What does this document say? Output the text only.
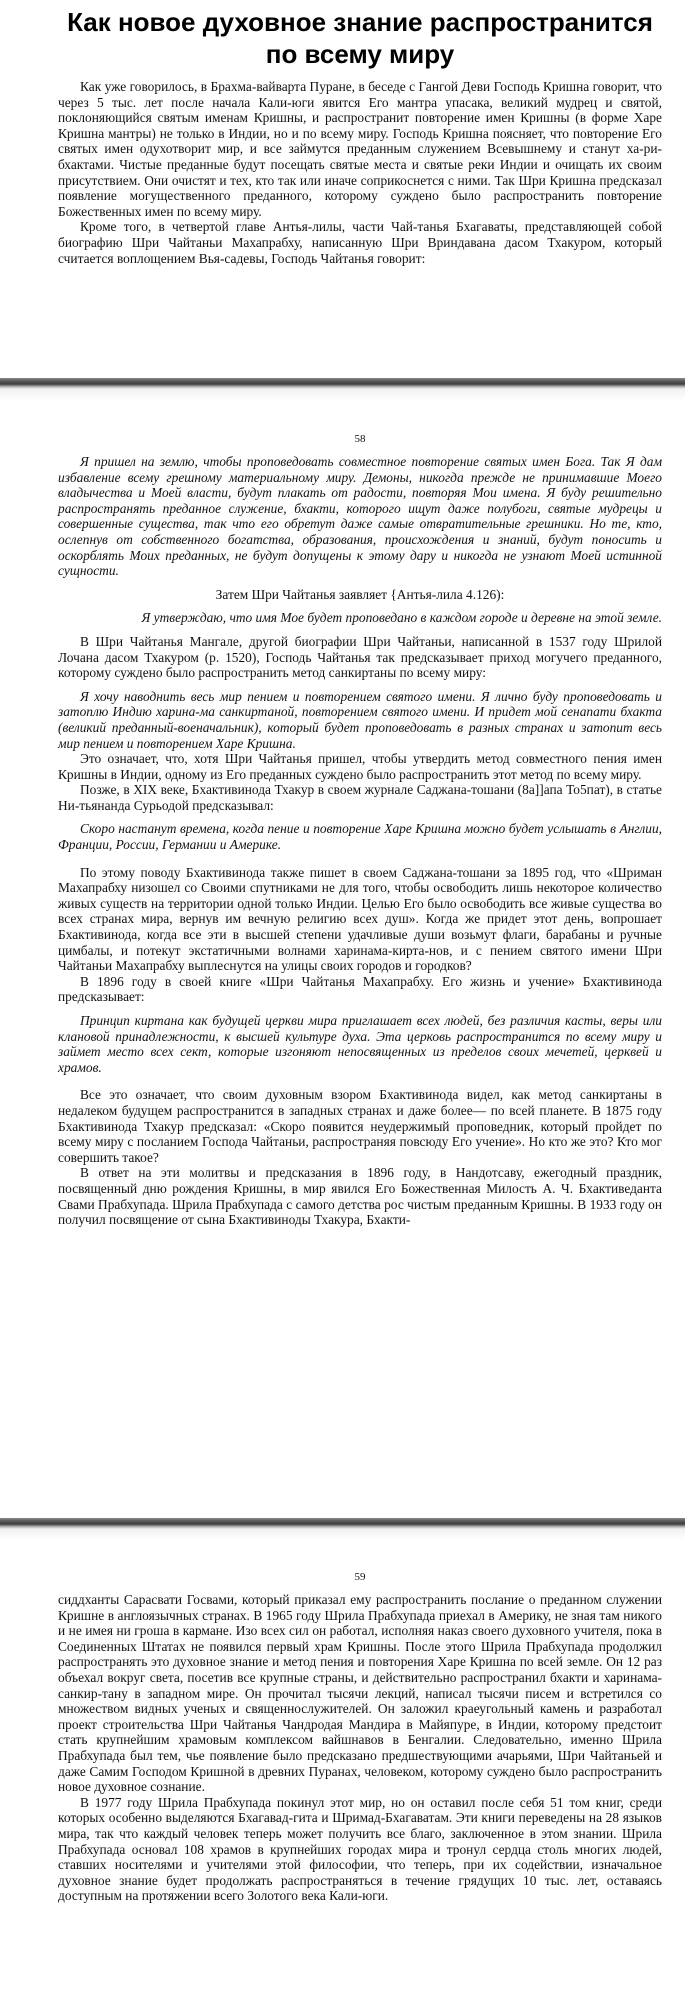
Как новое духовное знание распространится по всему миру

Как уже говорилось, в Брахма-вайварта Пуране, в беседе с Гангой Деви Господь Кришна говорит, что через 5 тыс. лет после начала Кали-юги явится Его мантра упасака, великий мудрец и святой, поклоняющийся святым именам Кришны, и распространит повторение имен Кришны (в форме Харе Кришна мантры) не только в Индии, но и по всему миру. Господь Кришна поясняет, что повторение Его святых имен одухотворит мир, и все займутся преданным служением Всевышнему и станут ха-ри-бхактами. Чистые преданные будут посещать святые места и святые реки Индии и очищать их своим присутствием. Они очистят и тех, кто так или иначе соприкоснется с ними. Так Шри Кришна предсказал появление могущественного преданного, которому суждено было распространить повторение Божественных имен по всему миру.

Кроме того, в четвертой главе Антья-лилы, части Чай-танья Бхагаваты, представляющей собой биографию Шри Чайтаньи Махапрабху, написанную Шри Вриндавана дасом Тхакуром, который считается воплощением Вья-садевы, Господь Чайтанья говорит:

58

Я пришел на землю, чтобы проповедовать совместное повторение святых имен Бога. Так Я дам избавление всему грешному материальному миру. Демоны, никогда прежде не принимавшие Моего владычества и Моей власти, будут плакать от радости, повторяя Мои имена. Я буду решительно распространять преданное служение, бхакти, которого ищут даже полубоги, святые мудрецы и совершенные существа, так что его обретут даже самые отвратительные грешники. Но те, кто, ослепнув от собственного богатства, образования, происхождения и знаний, будут поносить и оскорблять Моих преданных, не будут допущены к этому дару и никогда не узнают Моей истинной сущности.

Затем Шри Чайтанья заявляет {Антья-лила 4.126):

Я утверждаю, что имя Мое будет проповедано в каждом городе и деревне на этой земле.

В Шри Чайтанья Мангале, другой биографии Шри Чайтаньи, написанной в 1537 году Шрилой Лочана дасом Тхакуром (р. 1520), Господь Чайтанья так предсказывает приход могучего преданного, которому суждено было распространить метод санкиртаны по всему миру:

Я хочу наводнить весь мир пением и повторением святого имени. Я лично буду проповедовать и затоплю Индию харина-ма санкиртаной, повторением святого имени. И придет мой сенапати бхакта (великий преданный-военачальник), который будет проповедовать в разных странах и затопит весь мир пением и повторением Харе Кришна.

Это означает, что, хотя Шри Чайтанья пришел, чтобы утвердить метод совместного пения имен Кришны в Индии, одному из Его преданных суждено было распространить этот метод по всему миру.

Позже, в XIX веке, Бхактивинода Тхакур в своем журнале Саджана-тошани (8а]]апа То5пат), в статье Ни-тьянанда Сурьодой предсказывал:

Скоро настанут времена, когда пение и повторение Харе Кришна можно будет услышать в Англии, Франции, России, Германии и Америке.

По этому поводу Бхактивинода также пишет в своем Саджана-тошани за 1895 год, что «Шриман Махапрабху низошел со Своими спутниками не для того, чтобы освободить лишь некоторое количество живых существ на территории одной только Индии. Целью Его было освободить все живые существа во всех странах мира, вернув им вечную религию всех душ». Когда же придет этот день, вопрошает Бхактивинода, когда все эти в высшей степени удачливые души возьмут флаги, барабаны и ручные цимбалы, и потекут экстатичными волнами харинама-кирта-нов, и с пением святого имени Шри Чайтаньи Махапрабху выплеснутся на улицы своих городов и городков?

В 1896 году в своей книге «Шри Чайтанья Махапрабху. Его жизнь и учение» Бхактивинода предсказывает:

Принцип киртана как будущей церкви мира приглашает всех людей, без различия касты, веры или клановой принадлежности, к высшей культуре духа. Эта церковь распространится по всему миру и займет место всех сект, которые изгоняют непосвященных из пределов своих мечетей, церквей и храмов.

Все это означает, что своим духовным взором Бхактивинода видел, как метод санкиртаны в недалеком будущем распространится в западных странах и даже более— по всей планете. В 1875 году Бхактивинода Тхакур предсказал: «Скоро появится неудержимый проповедник, который пройдет по всему миру с посланием Господа Чайтаньи, распространяя повсюду Его учение». Но кто же это? Кто мог совершить такое?

В ответ на эти молитвы и предсказания в 1896 году, в Нандотсаву, ежегодный праздник, посвященный дню рождения Кришны, в мир явился Его Божественная Милость А. Ч. Бхактиведанта Свами Прабхупада. Шрила Прабхупада с самого детства рос чистым преданным Кришны. В 1933 году он получил посвящение от сына Бхактивиноды Тхакура, Бхакти-

59

сиддханты Сарасвати Госвами, который приказал ему распространить послание о преданном служении Кришне в англоязычных странах. В 1965 году Шрила Прабхупада приехал в Америку, не зная там никого и не имея ни гроша в кармане. Изо всех сил он работал, исполняя наказ своего духовного учителя, пока в Соединенных Штатах не появился первый храм Кришны. После этого Шрила Прабхупада продолжил распространять это духовное знание и метод пения и повторения Харе Кришна по всей земле. Он 12 раз объехал вокруг света, посетив все крупные страны, и действительно распространил бхакти и харинама-санкир-тану в западном мире. Он прочитал тысячи лекций, написал тысячи писем и встретился со множеством видных ученых и священнослужителей. Он заложил краеугольный камень и разработал проект строительства Шри Чайтанья Чандродая Мандира в Майяпуре, в Индии, которому предстоит стать крупнейшим храмовым комплексом вайшнавов в Бенгалии. Следовательно, именно Шрила Прабхупада был тем, чье появление было предсказано предшествующими ачарьями, Шри Чайтаньей и даже Самим Господом Кришной в древних Пуранах, человеком, которому суждено было распространить новое духовное сознание.

В 1977 году Шрила Прабхупада покинул этот мир, но он оставил после себя 51 том книг, среди которых особенно выделяются Бхагавад-гита и Шримад-Бхагаватам. Эти книги переведены на 28 языков мира, так что каждый человек теперь может получить все благо, заключенное в этом знании. Шрила Прабхупада основал 108 храмов в крупнейших городах мира и тронул сердца столь многих людей, ставших носителями и учителями этой философии, что теперь, при их содействии, изначальное духовное знание будет продолжать распространяться в течение грядущих 10 тыс. лет, оставаясь доступным на протяжении всего Золотого века Кали-юги.
